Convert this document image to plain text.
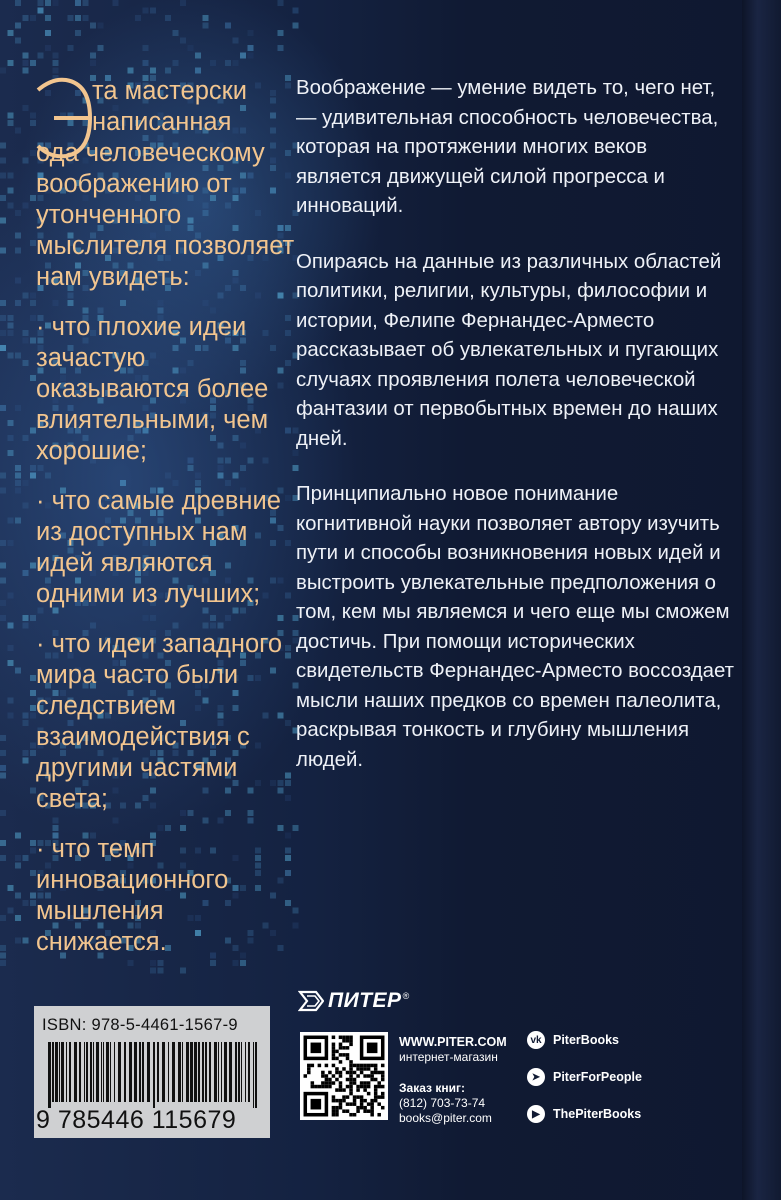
Э

та мастерски
написанная
ода человеческому воображению от утонченного мыслителя позволяет нам увидеть:

· что плохие идеи зачастую оказываются более влиятельными, чем хорошие;

· что самые древние из доступных нам идей являются одними из лучших;

· что идеи западного мира часто были следствием взаимодействия с другими частями света;

· что темп инновационного мышления снижается.

Воображение — умение видеть то, чего нет, — удивительная способность человечества, которая на протяжении многих веков является движущей силой прогресса и инноваций.

Опираясь на данные из различных областей политики, религии, культуры, философии и истории, Фелипе Фернандес-Арместо рассказывает об увлекательных и пугающих случаях проявления полета человеческой фантазии от первобытных времен до наших дней.

Принципиально новое понимание когнитивной науки позволяет автору изучить пути и способы возникновения новых идей и выстроить увлекательные предположения о том, кем мы являемся и чего еще мы сможем достичь. При помощи исторических свидетельств Фернандес-Арместо воссоздает мысли наших предков со времен палеолита, раскрывая тонкость и глубину мышления людей.

ПИТЕР ®
WWW.PITER.COM
интернет-магазин
Заказ книг:
(812) 703-73-74
books@piter.com
vk PiterBooks
➤	PiterForPeople
▶	ThePiterBooks
ISBN: 978-5-4461-1567-9
9 785446 115679
